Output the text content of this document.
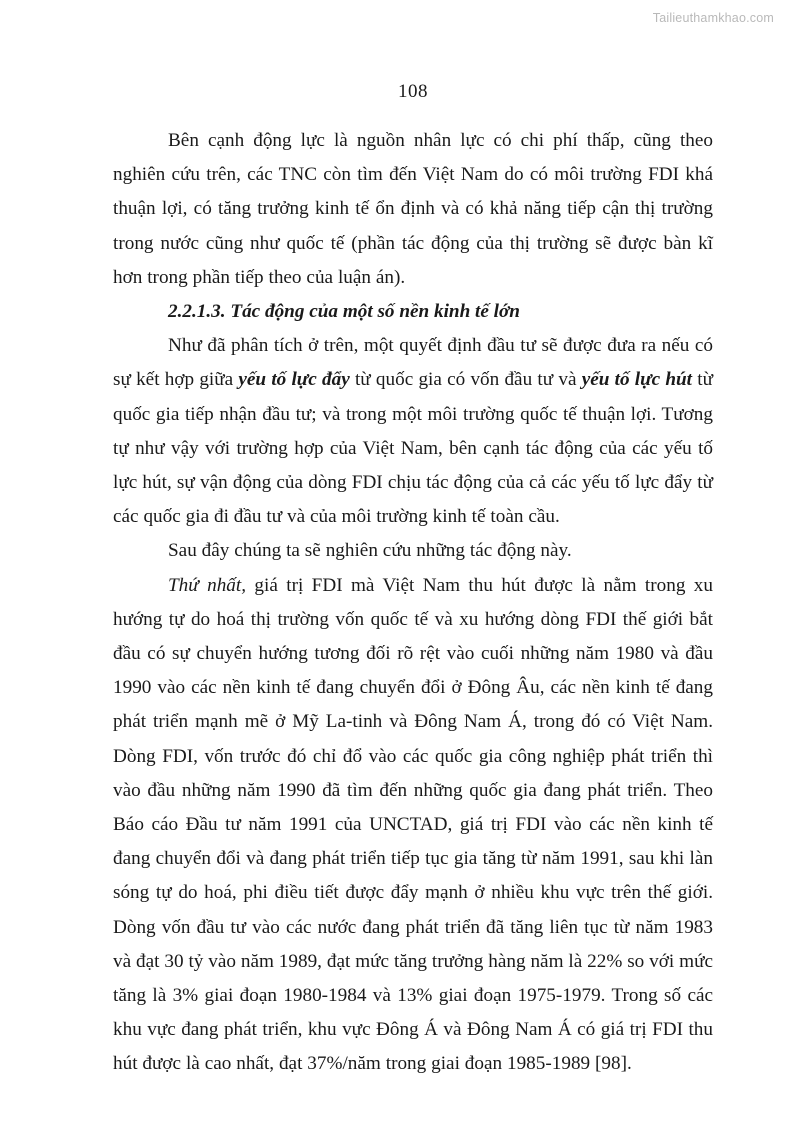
Tailieuthamkhao.com
108

Bên cạnh động lực là nguồn nhân lực có chi phí thấp, cũng theo nghiên cứu trên, các TNC còn tìm đến Việt Nam do có môi trường FDI khá thuận lợi, có tăng trưởng kinh tế ổn định và có khả năng tiếp cận thị trường trong nước cũng như quốc tế (phần tác động của thị trường sẽ được bàn kĩ hơn trong phần tiếp theo của luận án).

2.2.1.3. Tác động của một số nền kinh tế lớn

Như đã phân tích ở trên, một quyết định đầu tư sẽ được đưa ra nếu có sự kết hợp giữa yếu tố lực đẩy từ quốc gia có vốn đầu tư và yếu tố lực hút từ quốc gia tiếp nhận đầu tư; và trong một môi trường quốc tế thuận lợi. Tương tự như vậy với trường hợp của Việt Nam, bên cạnh tác động của các yếu tố lực hút, sự vận động của dòng FDI chịu tác động của cả các yếu tố lực đẩy từ các quốc gia đi đầu tư và của môi trường kinh tế toàn cầu.

Sau đây chúng ta sẽ nghiên cứu những tác động này.

Thứ nhất, giá trị FDI mà Việt Nam thu hút được là nằm trong xu hướng tự do hoá thị trường vốn quốc tế và xu hướng dòng FDI thế giới bắt đầu có sự chuyển hướng tương đối rõ rệt vào cuối những năm 1980 và đầu 1990 vào các nền kinh tế đang chuyển đổi ở Đông Âu, các nền kinh tế đang phát triển mạnh mẽ ở Mỹ La-tinh và Đông Nam Á, trong đó có Việt Nam. Dòng FDI, vốn trước đó chỉ đổ vào các quốc gia công nghiệp phát triển thì vào đầu những năm 1990 đã tìm đến những quốc gia đang phát triển. Theo Báo cáo Đầu tư năm 1991 của UNCTAD, giá trị FDI vào các nền kinh tế đang chuyển đổi và đang phát triển tiếp tục gia tăng từ năm 1991, sau khi làn sóng tự do hoá, phi điều tiết được đẩy mạnh ở nhiều khu vực trên thế giới. Dòng vốn đầu tư vào các nước đang phát triển đã tăng liên tục từ năm 1983 và đạt 30 tỷ vào năm 1989, đạt mức tăng trưởng hàng năm là 22% so với mức tăng là 3% giai đoạn 1980-1984 và 13% giai đoạn 1975-1979. Trong số các khu vực đang phát triển, khu vực Đông Á và Đông Nam Á có giá trị FDI thu hút được là cao nhất, đạt 37%/năm trong giai đoạn 1985-1989 [98].
